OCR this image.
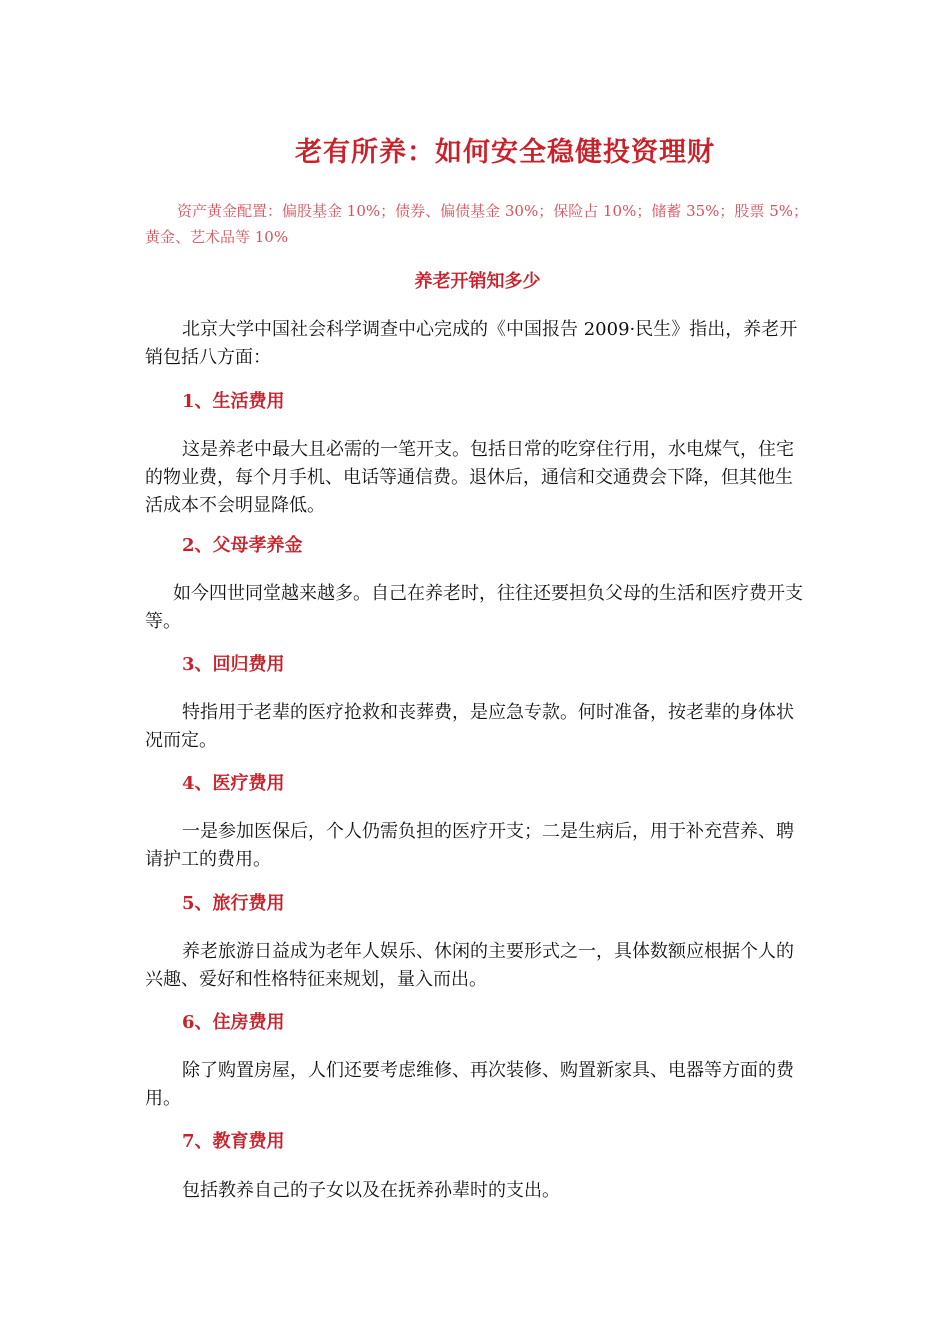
老有所养：如何安全稳健投资理财

资产黄金配置：偏股基金 10%；债券、偏债基金 30%；保险占 10%；储蓄 35%；股票 5%；黄金、艺术品等 10%

养老开销知多少

北京大学中国社会科学调查中心完成的《中国报告 2009·民生》指出，养老开销包括八方面：

1、生活费用

这是养老中最大且必需的一笔开支。包括日常的吃穿住行用，水电煤气，住宅的物业费，每个月手机、电话等通信费。退休后，通信和交通费会下降，但其他生活成本不会明显降低。

2、父母孝养金

如今四世同堂越来越多。自己在养老时，往往还要担负父母的生活和医疗费开支等。

3、回归费用

特指用于老辈的医疗抢救和丧葬费，是应急专款。何时准备，按老辈的身体状况而定。

4、医疗费用

一是参加医保后，个人仍需负担的医疗开支；二是生病后，用于补充营养、聘请护工的费用。

5、旅行费用

养老旅游日益成为老年人娱乐、休闲的主要形式之一，具体数额应根据个人的兴趣、爱好和性格特征来规划，量入而出。

6、住房费用

除了购置房屋，人们还要考虑维修、再次装修、购置新家具、电器等方面的费用。

7、教育费用

包括教养自己的子女以及在抚养孙辈时的支出。
